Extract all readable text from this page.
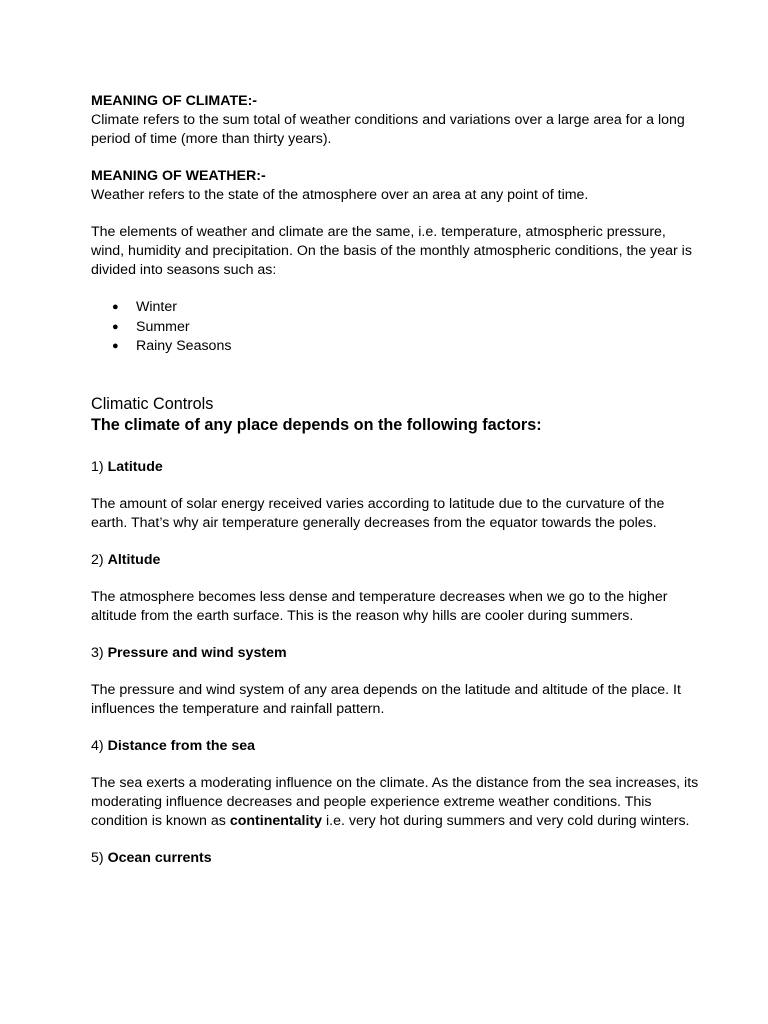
MEANING OF CLIMATE:-

Climate refers to the sum total of weather conditions and variations over a large area for a long period of time (more than thirty years).

MEANING OF WEATHER:-

Weather refers to the state of the atmosphere over an area at any point of time.

The elements of weather and climate are the same, i.e. temperature, atmospheric pressure, wind, humidity and precipitation. On the basis of the monthly atmospheric conditions, the year is divided into seasons such as:

● Winter
● Summer
● Rainy Seasons

Climatic Controls

The climate of any place depends on the following factors:

1) Latitude

The amount of solar energy received varies according to latitude due to the curvature of the earth. That’s why air temperature generally decreases from the equator towards the poles.

2) Altitude

The atmosphere becomes less dense and temperature decreases when we go to the higher altitude from the earth surface. This is the reason why hills are cooler during summers.

3) Pressure and wind system

The pressure and wind system of any area depends on the latitude and altitude of the place. It influences the temperature and rainfall pattern.

4) Distance from the sea

The sea exerts a moderating influence on the climate. As the distance from the sea increases, its moderating influence decreases and people experience extreme weather conditions. This condition is known as continentality i.e. very hot during summers and very cold during winters.

5) Ocean currents
